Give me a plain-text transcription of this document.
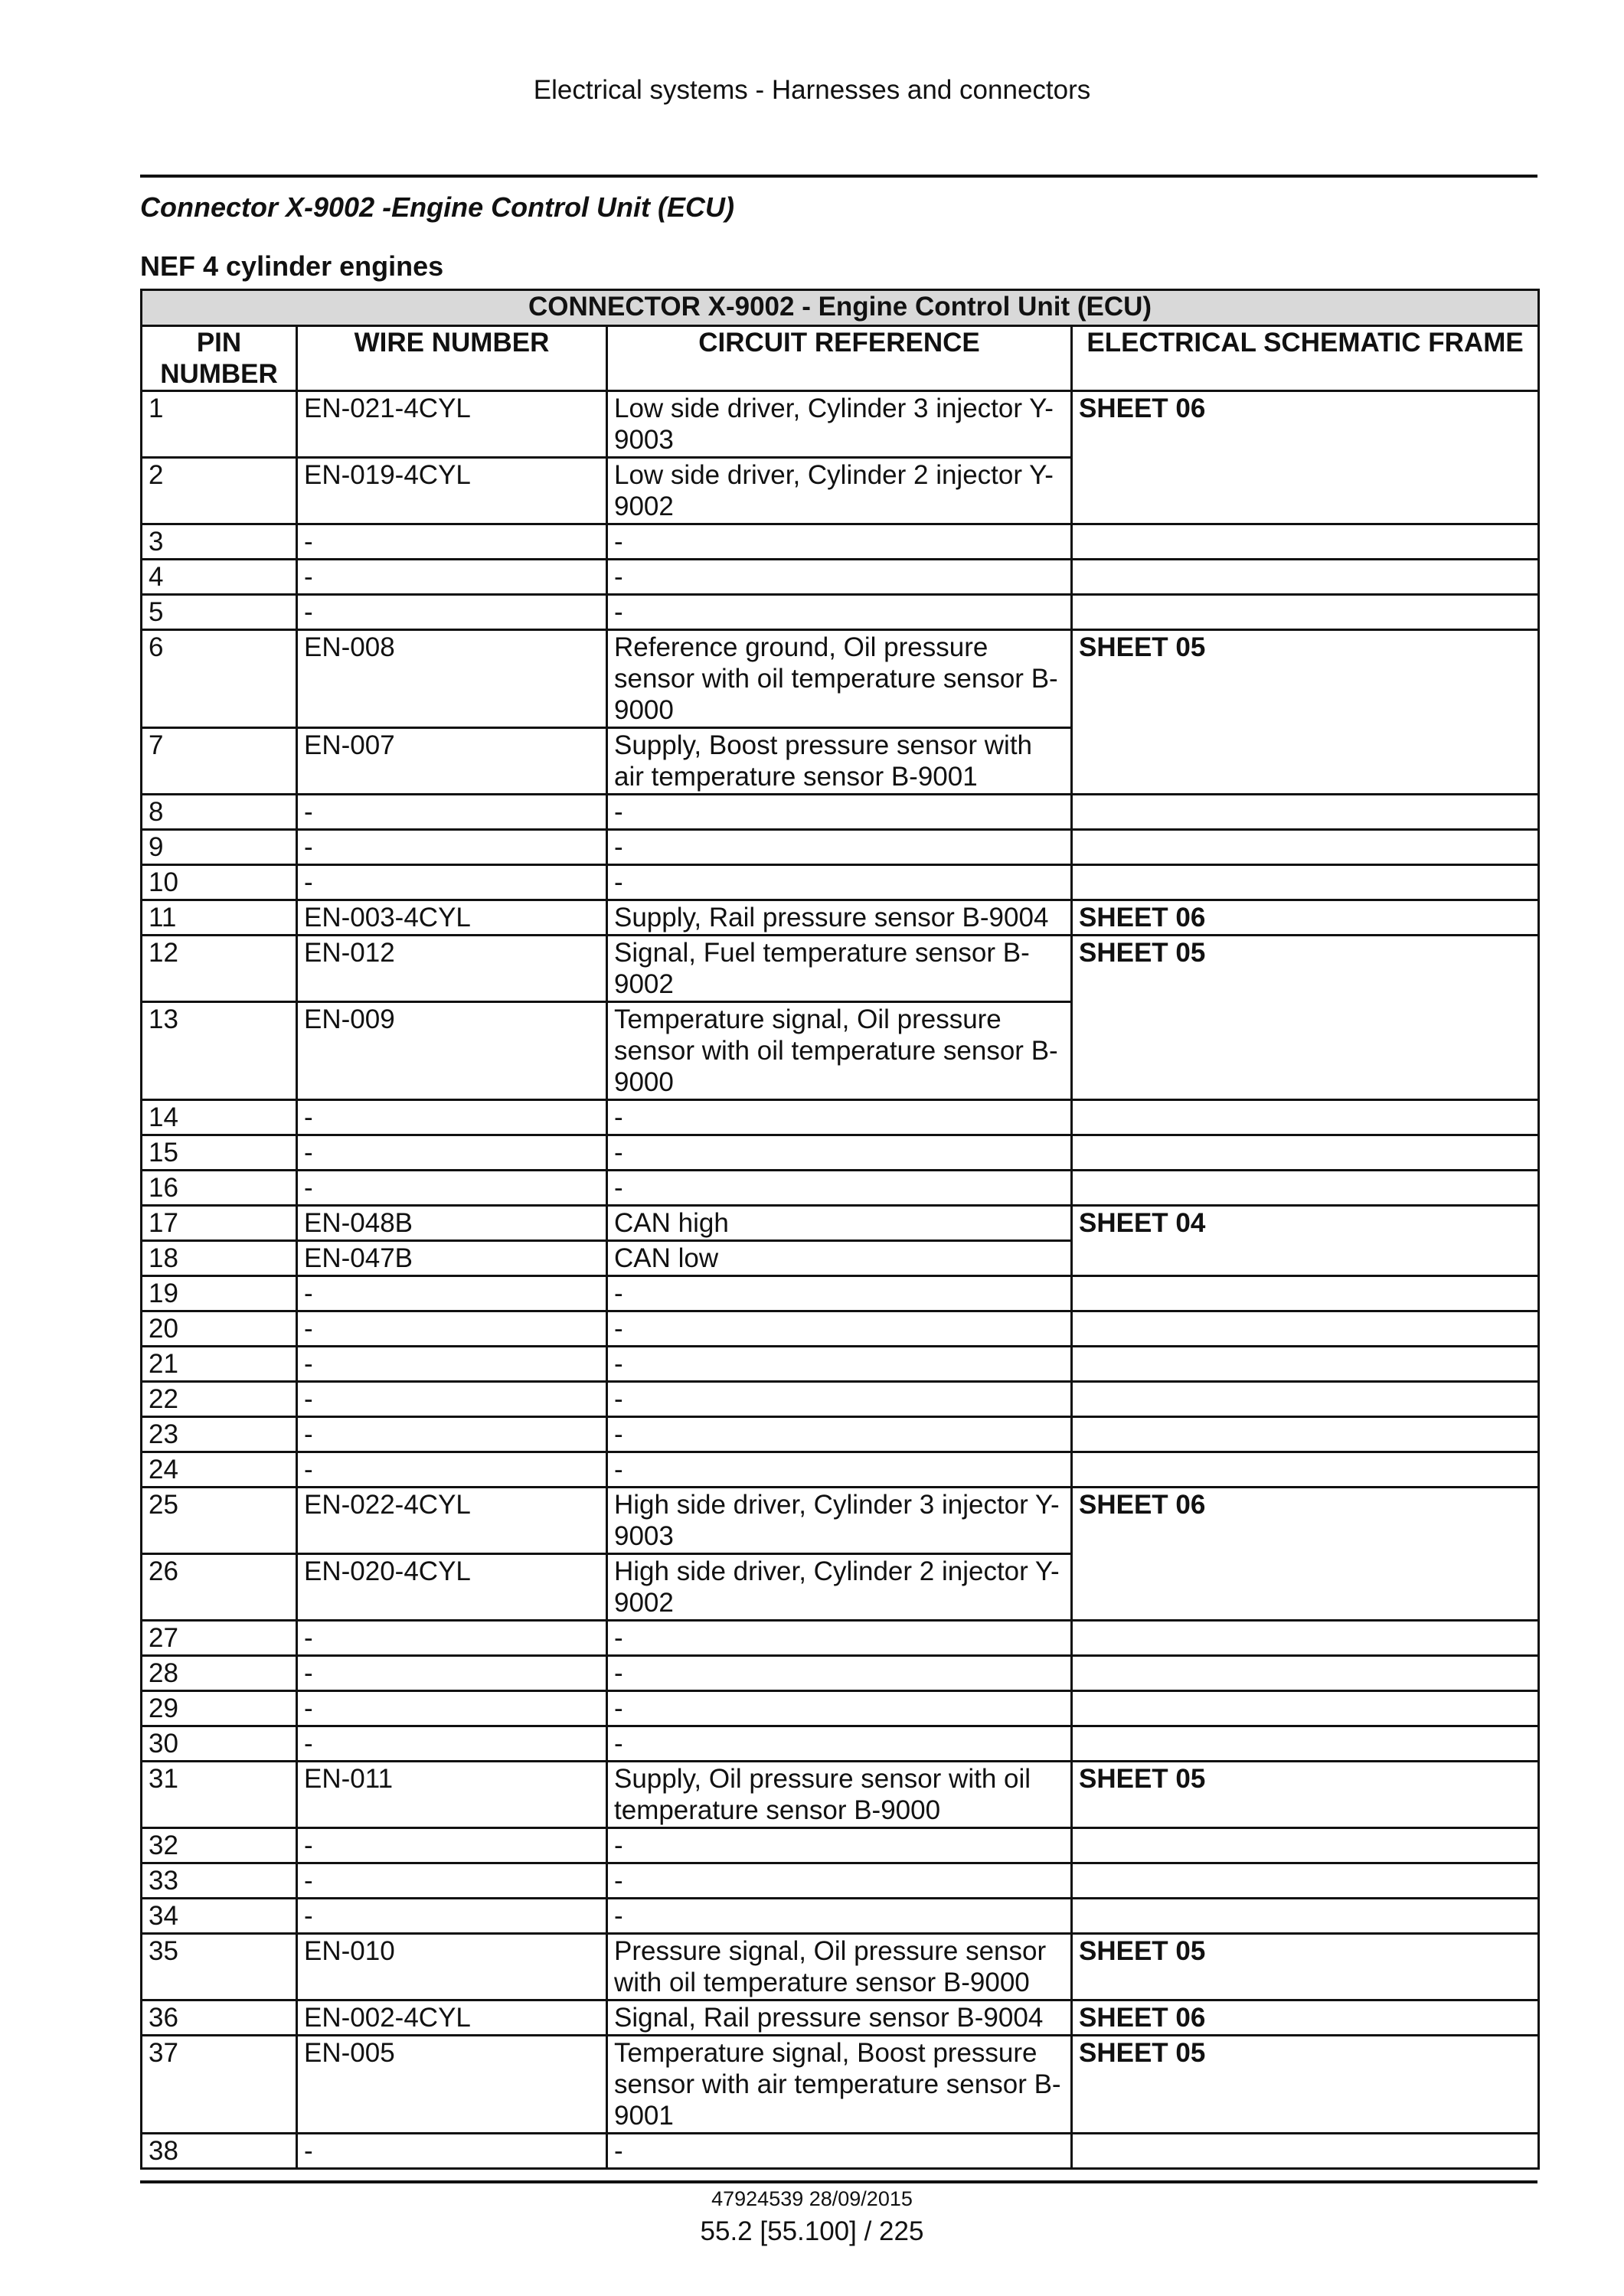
Electrical systems - Harnesses and connectors
Connector X-9002 -Engine Control Unit (ECU)
NEF 4 cylinder engines
CONNECTOR X-9002 - Engine Control Unit (ECU)			
PIN NUMBER	WIRE NUMBER	CIRCUIT REFERENCE	ELECTRICAL SCHEMATIC FRAME
1	EN-021-4CYL	Low side driver, Cylinder 3 injector Y-9003	SHEET 06
2	EN-019-4CYL	Low side driver, Cylinder 2 injector Y-9002	
3	-	-	
4	-	-	
5	-	-	
6	EN-008	Reference ground, Oil pressure sensor with oil temperature sensor B-9000	SHEET 05
7	EN-007	Supply, Boost pressure sensor with air temperature sensor B-9001	
8	-	-	
9	-	-	
10	-	-	
11	EN-003-4CYL	Supply, Rail pressure sensor B-9004	SHEET 06
12	EN-012	Signal, Fuel temperature sensor B-9002	SHEET 05
13	EN-009	Temperature signal, Oil pressure sensor with oil temperature sensor B-9000	
14	-	-	
15	-	-	
16	-	-	
17	EN-048B	CAN high	SHEET 04
18	EN-047B	CAN low	
19	-	-	
20	-	-	
21	-	-	
22	-	-	
23	-	-	
24	-	-	
25	EN-022-4CYL	High side driver, Cylinder 3 injector Y-9003	SHEET 06
26	EN-020-4CYL	High side driver, Cylinder 2 injector Y-9002	
27	-	-	
28	-	-	
29	-	-	
30	-	-	
31	EN-011	Supply, Oil pressure sensor with oil temperature sensor B-9000	SHEET 05
32	-	-	
33	-	-	
34	-	-	
35	EN-010	Pressure signal, Oil pressure sensor with oil temperature sensor B-9000	SHEET 05
36	EN-002-4CYL	Signal, Rail pressure sensor B-9004	SHEET 06
37	EN-005	Temperature signal, Boost pressure sensor with air temperature sensor B-9001	SHEET 05
38	-	-	
47924539 28/09/2015
55.2 [55.100] / 225
